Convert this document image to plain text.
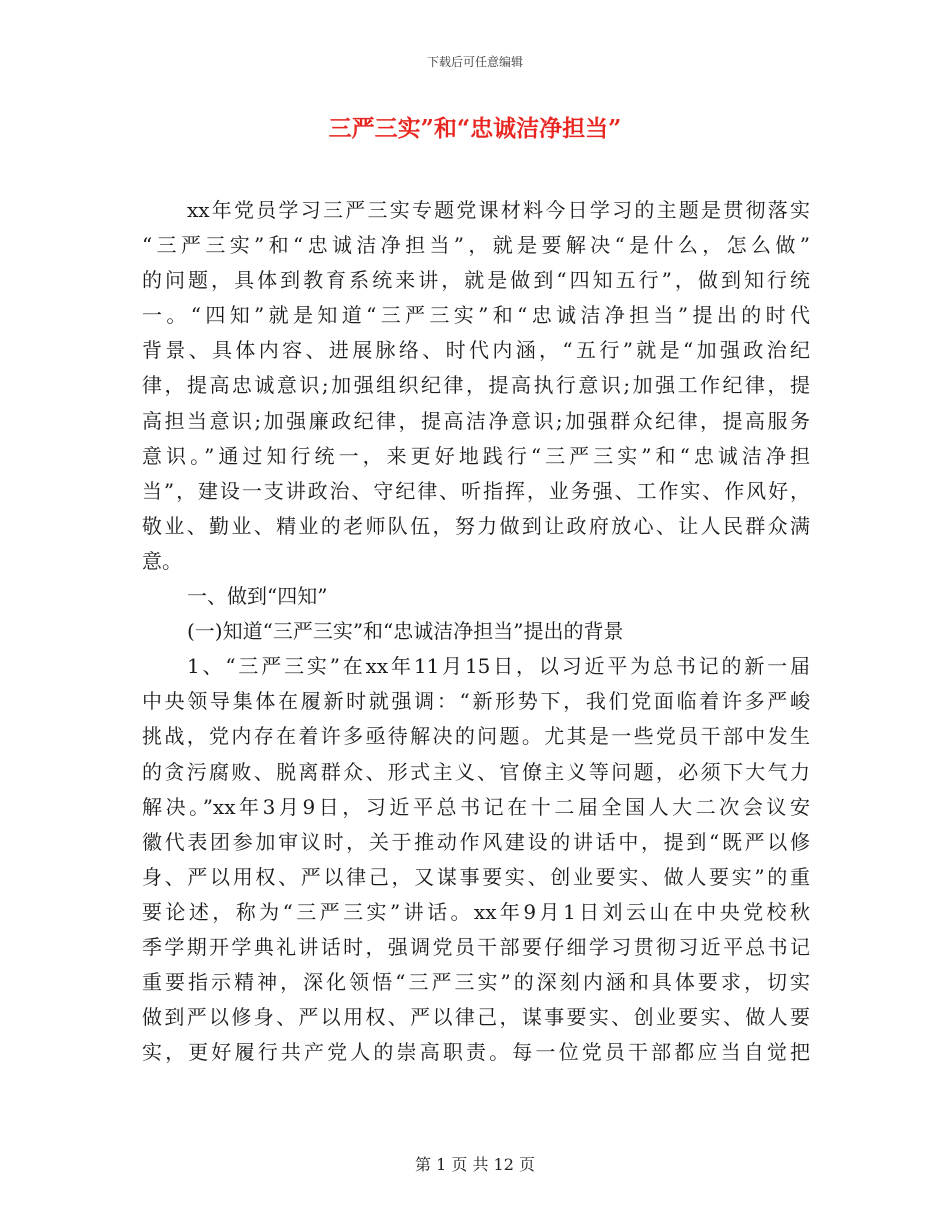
下载后可任意编辑
三严三实”和“忠诚洁净担当”
xx年党员学习三严三实专题党课材料今日学习的主题是贯彻落实
“三严三实”和“忠诚洁净担当”，就是要解决“是什么，怎么做”
的问题，具体到教育系统来讲，就是做到“四知五行”，做到知行统
一。“四知”就是知道“三严三实”和“忠诚洁净担当”提出的时代
背景、具体内容、进展脉络、时代内涵，“五行”就是“加强政治纪
律，提高忠诚意识;加强组织纪律，提高执行意识;加强工作纪律，提
高担当意识;加强廉政纪律，提高洁净意识;加强群众纪律，提高服务
意识。”通过知行统一，来更好地践行“三严三实”和“忠诚洁净担
当”，建设一支讲政治、守纪律、听指挥，业务强、工作实、作风好，
敬业、勤业、精业的老师队伍，努力做到让政府放心、让人民群众满
意。
一、做到“四知”
(一)知道“三严三实”和“忠诚洁净担当”提出的背景
1、“三严三实”在xx年11月15日，以习近平为总书记的新一届
中央领导集体在履新时就强调：“新形势下，我们党面临着许多严峻
挑战，党内存在着许多亟待解决的问题。尤其是一些党员干部中发生
的贪污腐败、脱离群众、形式主义、官僚主义等问题，必须下大气力
解决。”xx年3月9日，习近平总书记在十二届全国人大二次会议安
徽代表团参加审议时，关于推动作风建设的讲话中，提到“既严以修
身、严以用权、严以律己，又谋事要实、创业要实、做人要实”的重
要论述，称为“三严三实”讲话。xx年9月1日刘云山在中央党校秋
季学期开学典礼讲话时，强调党员干部要仔细学习贯彻习近平总书记
重要指示精神，深化领悟“三严三实”的深刻内涵和具体要求，切实
做到严以修身、严以用权、严以律己，谋事要实、创业要实、做人要
实，更好履行共产党人的崇高职责。每一位党员干部都应当自觉把
第 1 页 共 12 页
